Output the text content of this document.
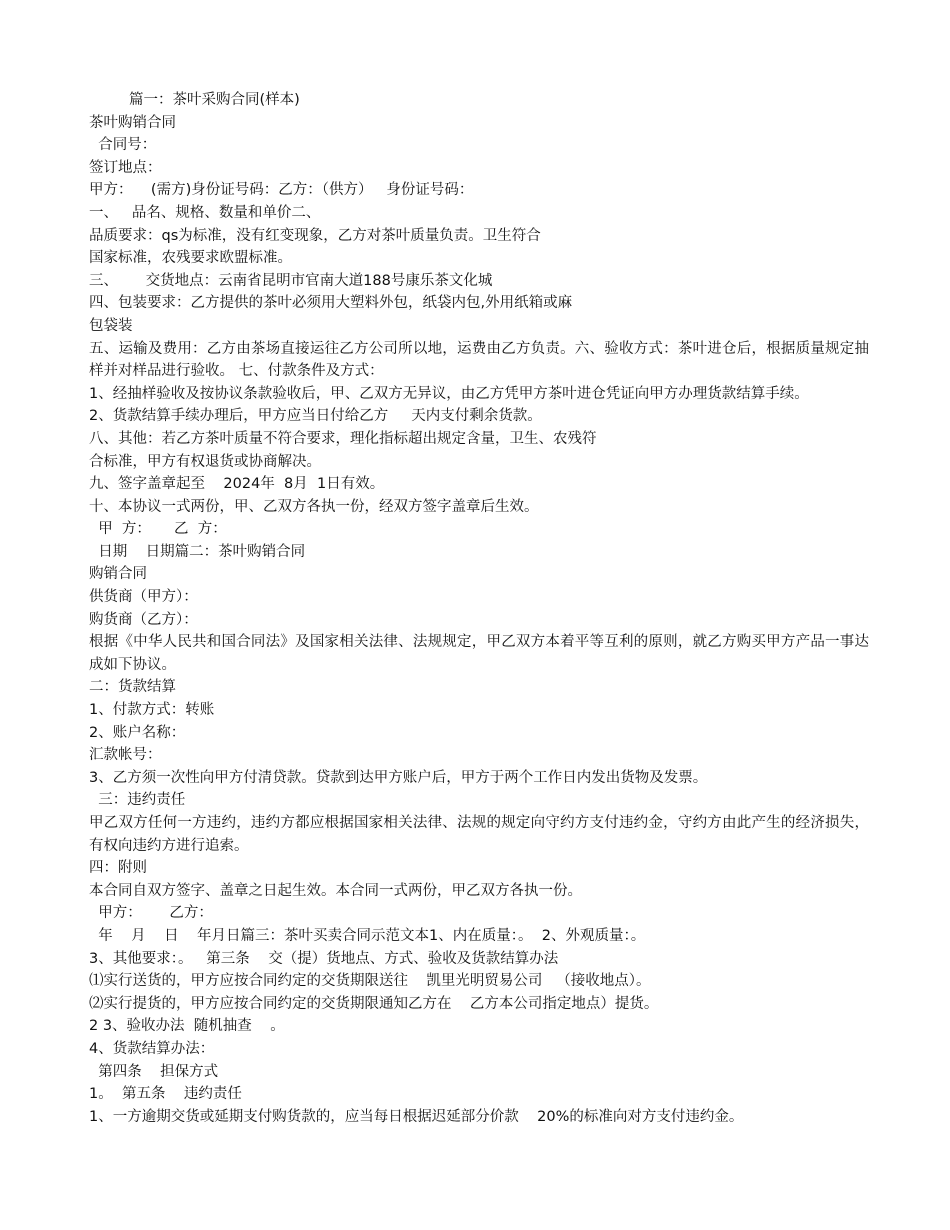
篇一：茶叶采购合同(样本)
茶叶购销合同
合同号：
签订地点：
甲方：    (需方)身份证号码：乙方：（供方）   身份证号码：
一、   品名、规格、数量和单价二、
品质要求：qs为标准，没有红变现象，乙方对茶叶质量负责。卫生符合
国家标准，农残要求欧盟标准。
三、      交货地点：云南省昆明市官南大道188号康乐茶文化城
四、包装要求：乙方提供的茶叶必须用大塑料外包，纸袋内包,外用纸箱或麻
包袋装
五、运输及费用：乙方由茶场直接运往乙方公司所以地，运费由乙方负责。六、验收方式：茶叶进仓后，根据质量规定抽样并对样品进行验收。 七、付款条件及方式：
1、经抽样验收及按协议条款验收后，甲、乙双方无异议，由乙方凭甲方茶叶进仓凭证向甲方办理货款结算手续。
2、货款结算手续办理后，甲方应当日付给乙方     天内支付剩余货款。
八、其他：若乙方茶叶质量不符合要求，理化指标超出规定含量，卫生、农残符
合标准，甲方有权退货或协商解决。
九、签字盖章起至    2024年  8月  1日有效。
十、本协议一式两份，甲、乙双方各执一份，经双方签字盖章后生效。
甲  方：     乙  方：
日期    日期篇二：茶叶购销合同
购销合同
供货商（甲方）：
购货商（乙方）：
根据《中华人民共和国合同法》及国家相关法律、法规规定，甲乙双方本着平等互利的原则，就乙方购买甲方产品一事达成如下协议。
二：货款结算
1、付款方式：转账
2、账户名称：
汇款帐号：
3、乙方须一次性向甲方付清贷款。贷款到达甲方账户后，甲方于两个工作日内发出货物及发票。
三：违约责任
甲乙双方任何一方违约，违约方都应根据国家相关法律、法规的规定向守约方支付违约金，守约方由此产生的经济损失，有权向违约方进行追索。
四：附则
本合同自双方签字、盖章之日起生效。本合同一式两份，甲乙双方各执一份。
甲方：      乙方：
年    月    日    年月日篇三：茶叶买卖合同示范文本1、内在质量：。  2、外观质量：。
3、其他要求：。   第三条    交（提）货地点、方式、验收及货款结算办法
⑴实行送货的，甲方应按合同约定的交货期限送往    凯里光明贸易公司   （接收地点）。
⑵实行提货的，甲方应按合同约定的交货期限通知乙方在    乙方本公司指定地点）提货。
2 3、验收办法  随机抽查    。
4、货款结算办法：
第四条    担保方式
1。  第五条    违约责任
1、一方逾期交货或延期支付购货款的，应当每日根据迟延部分价款    20%的标准向对方支付违约金。
